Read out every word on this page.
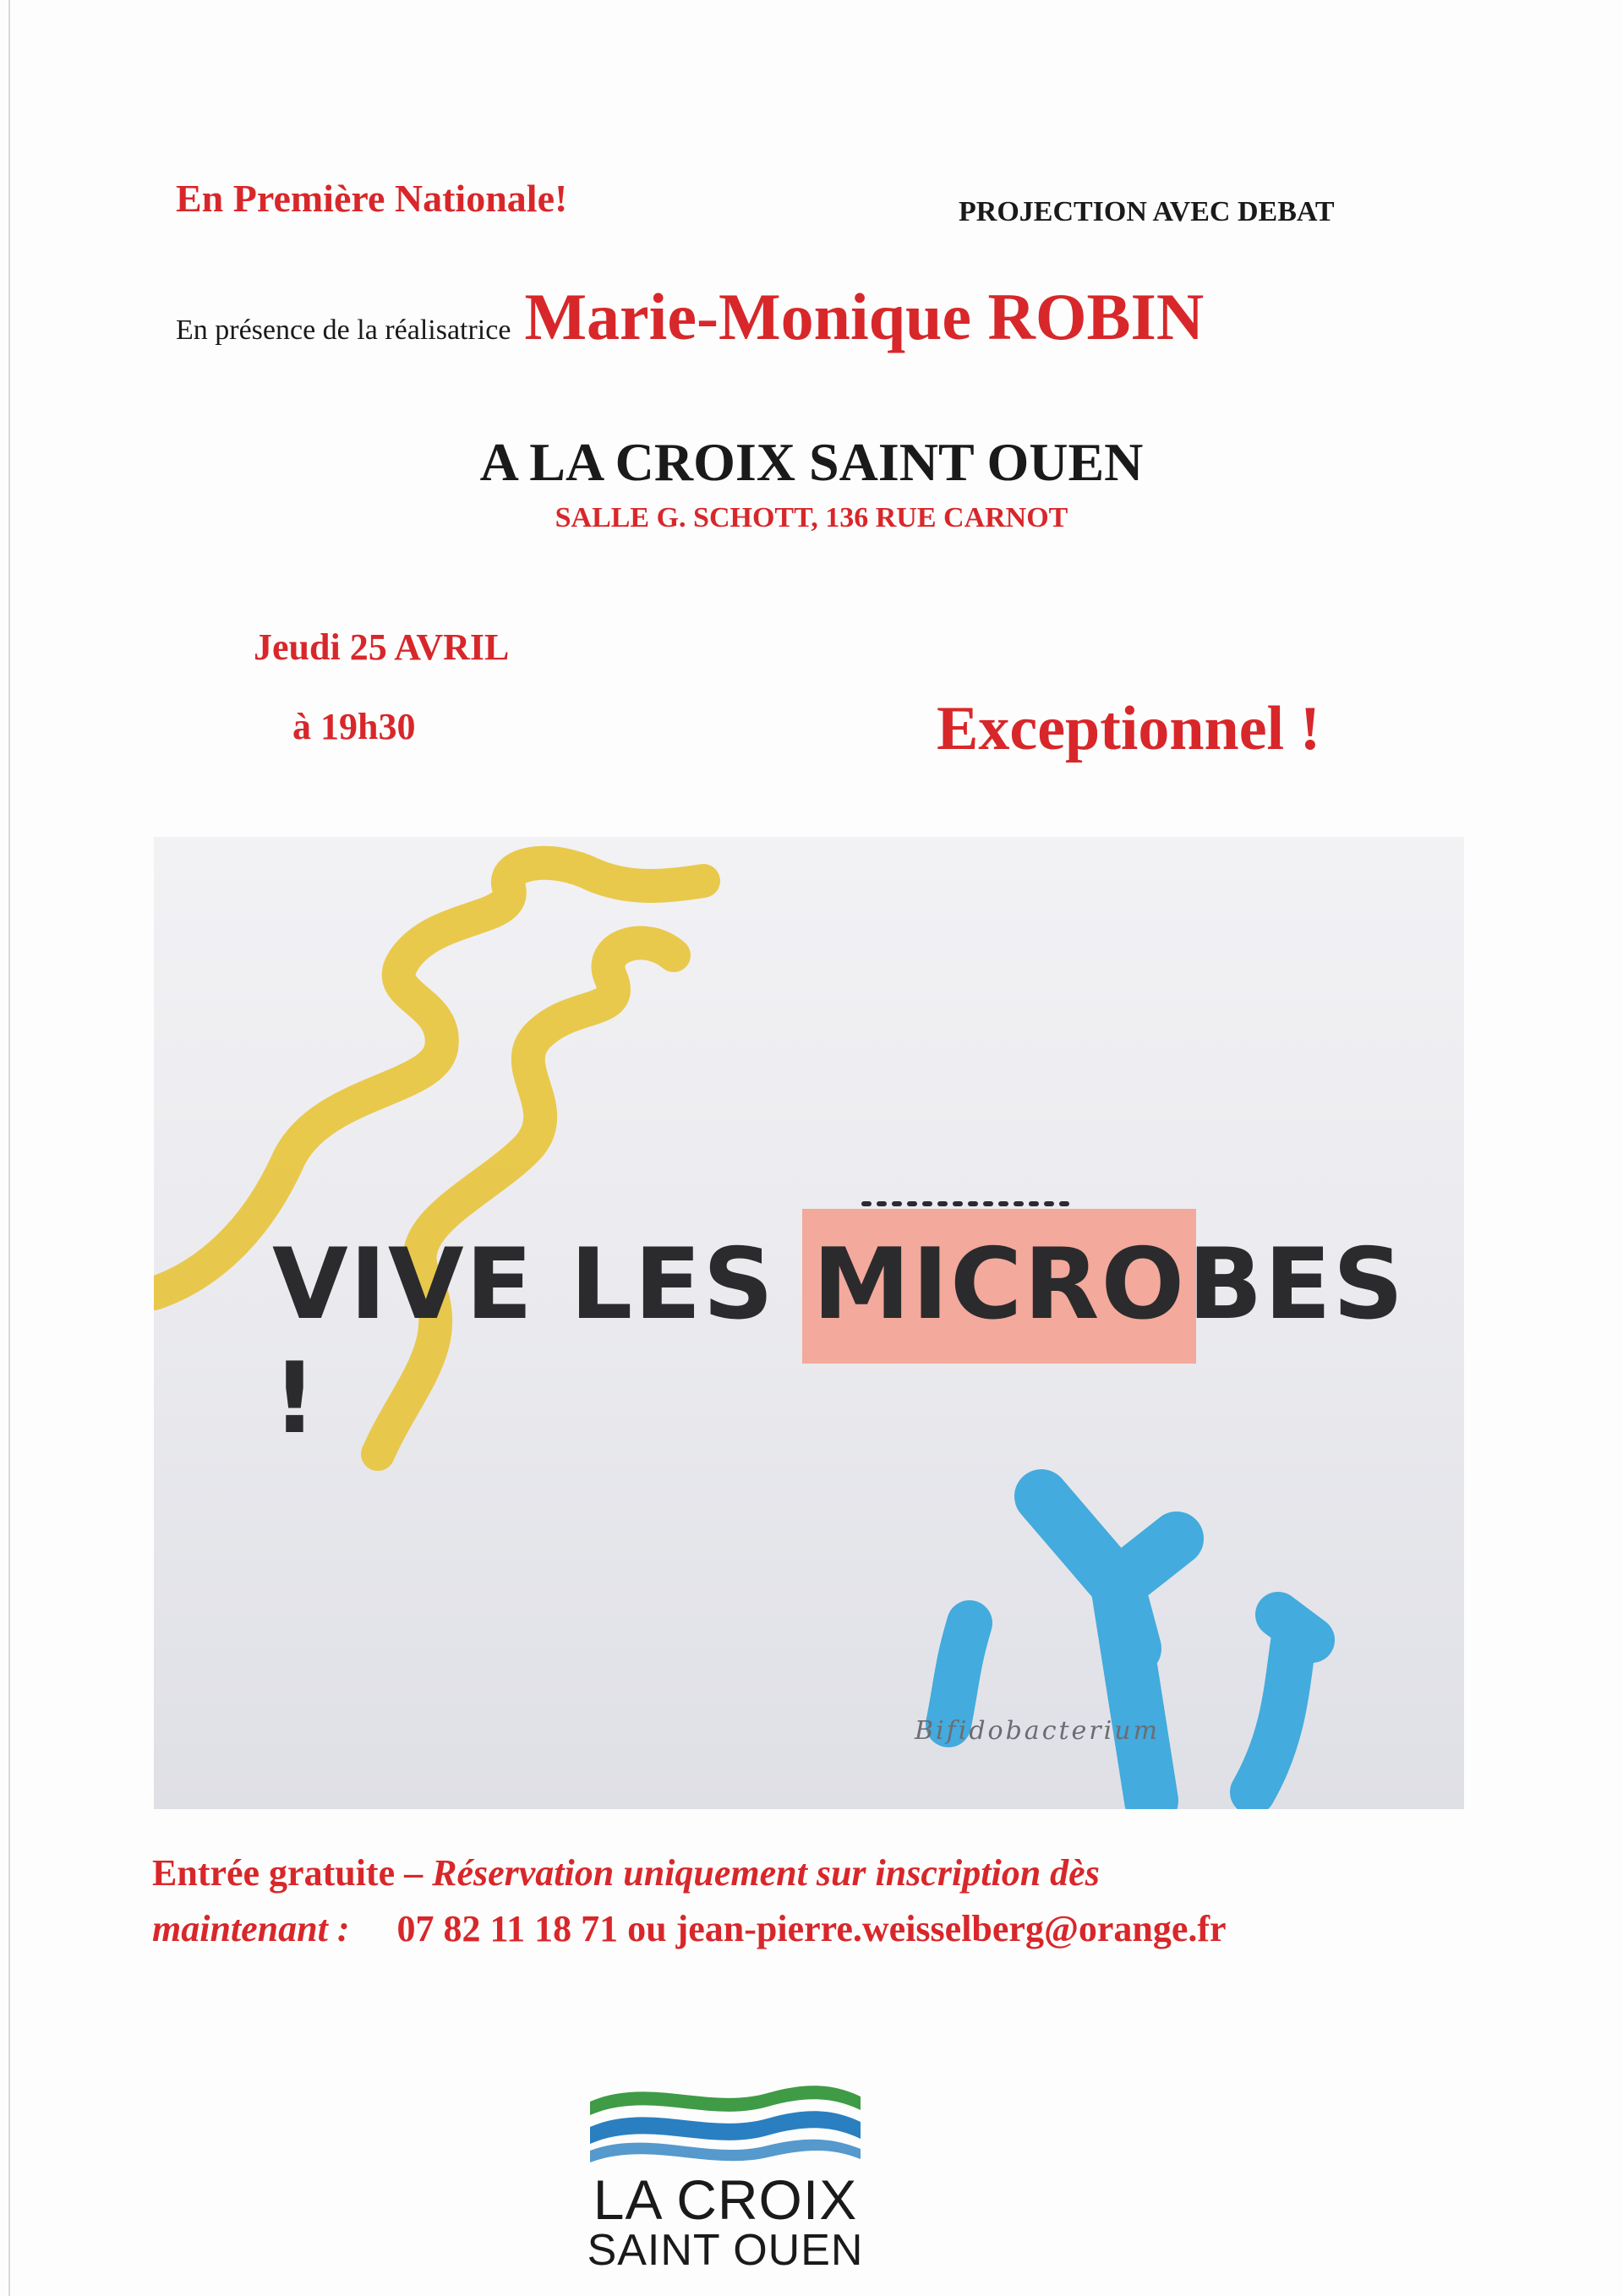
En Première Nationale!	PROJECTION AVEC DEBAT

En présence de la réalisatrice Marie-Monique ROBIN

A LA CROIX SAINT OUEN

SALLE G. SCHOTT, 136 RUE CARNOT

Jeudi 25 AVRIL

à 19h30	Exceptionnel !

VIVE LES MICROBES !
Bifidobacterium

Entrée gratuite – Réservation uniquement sur inscription dès

maintenant : 07 82 11 18 71 ou jean-pierre.weisselberg@orange.fr

LA CROIX
SAINT OUEN
